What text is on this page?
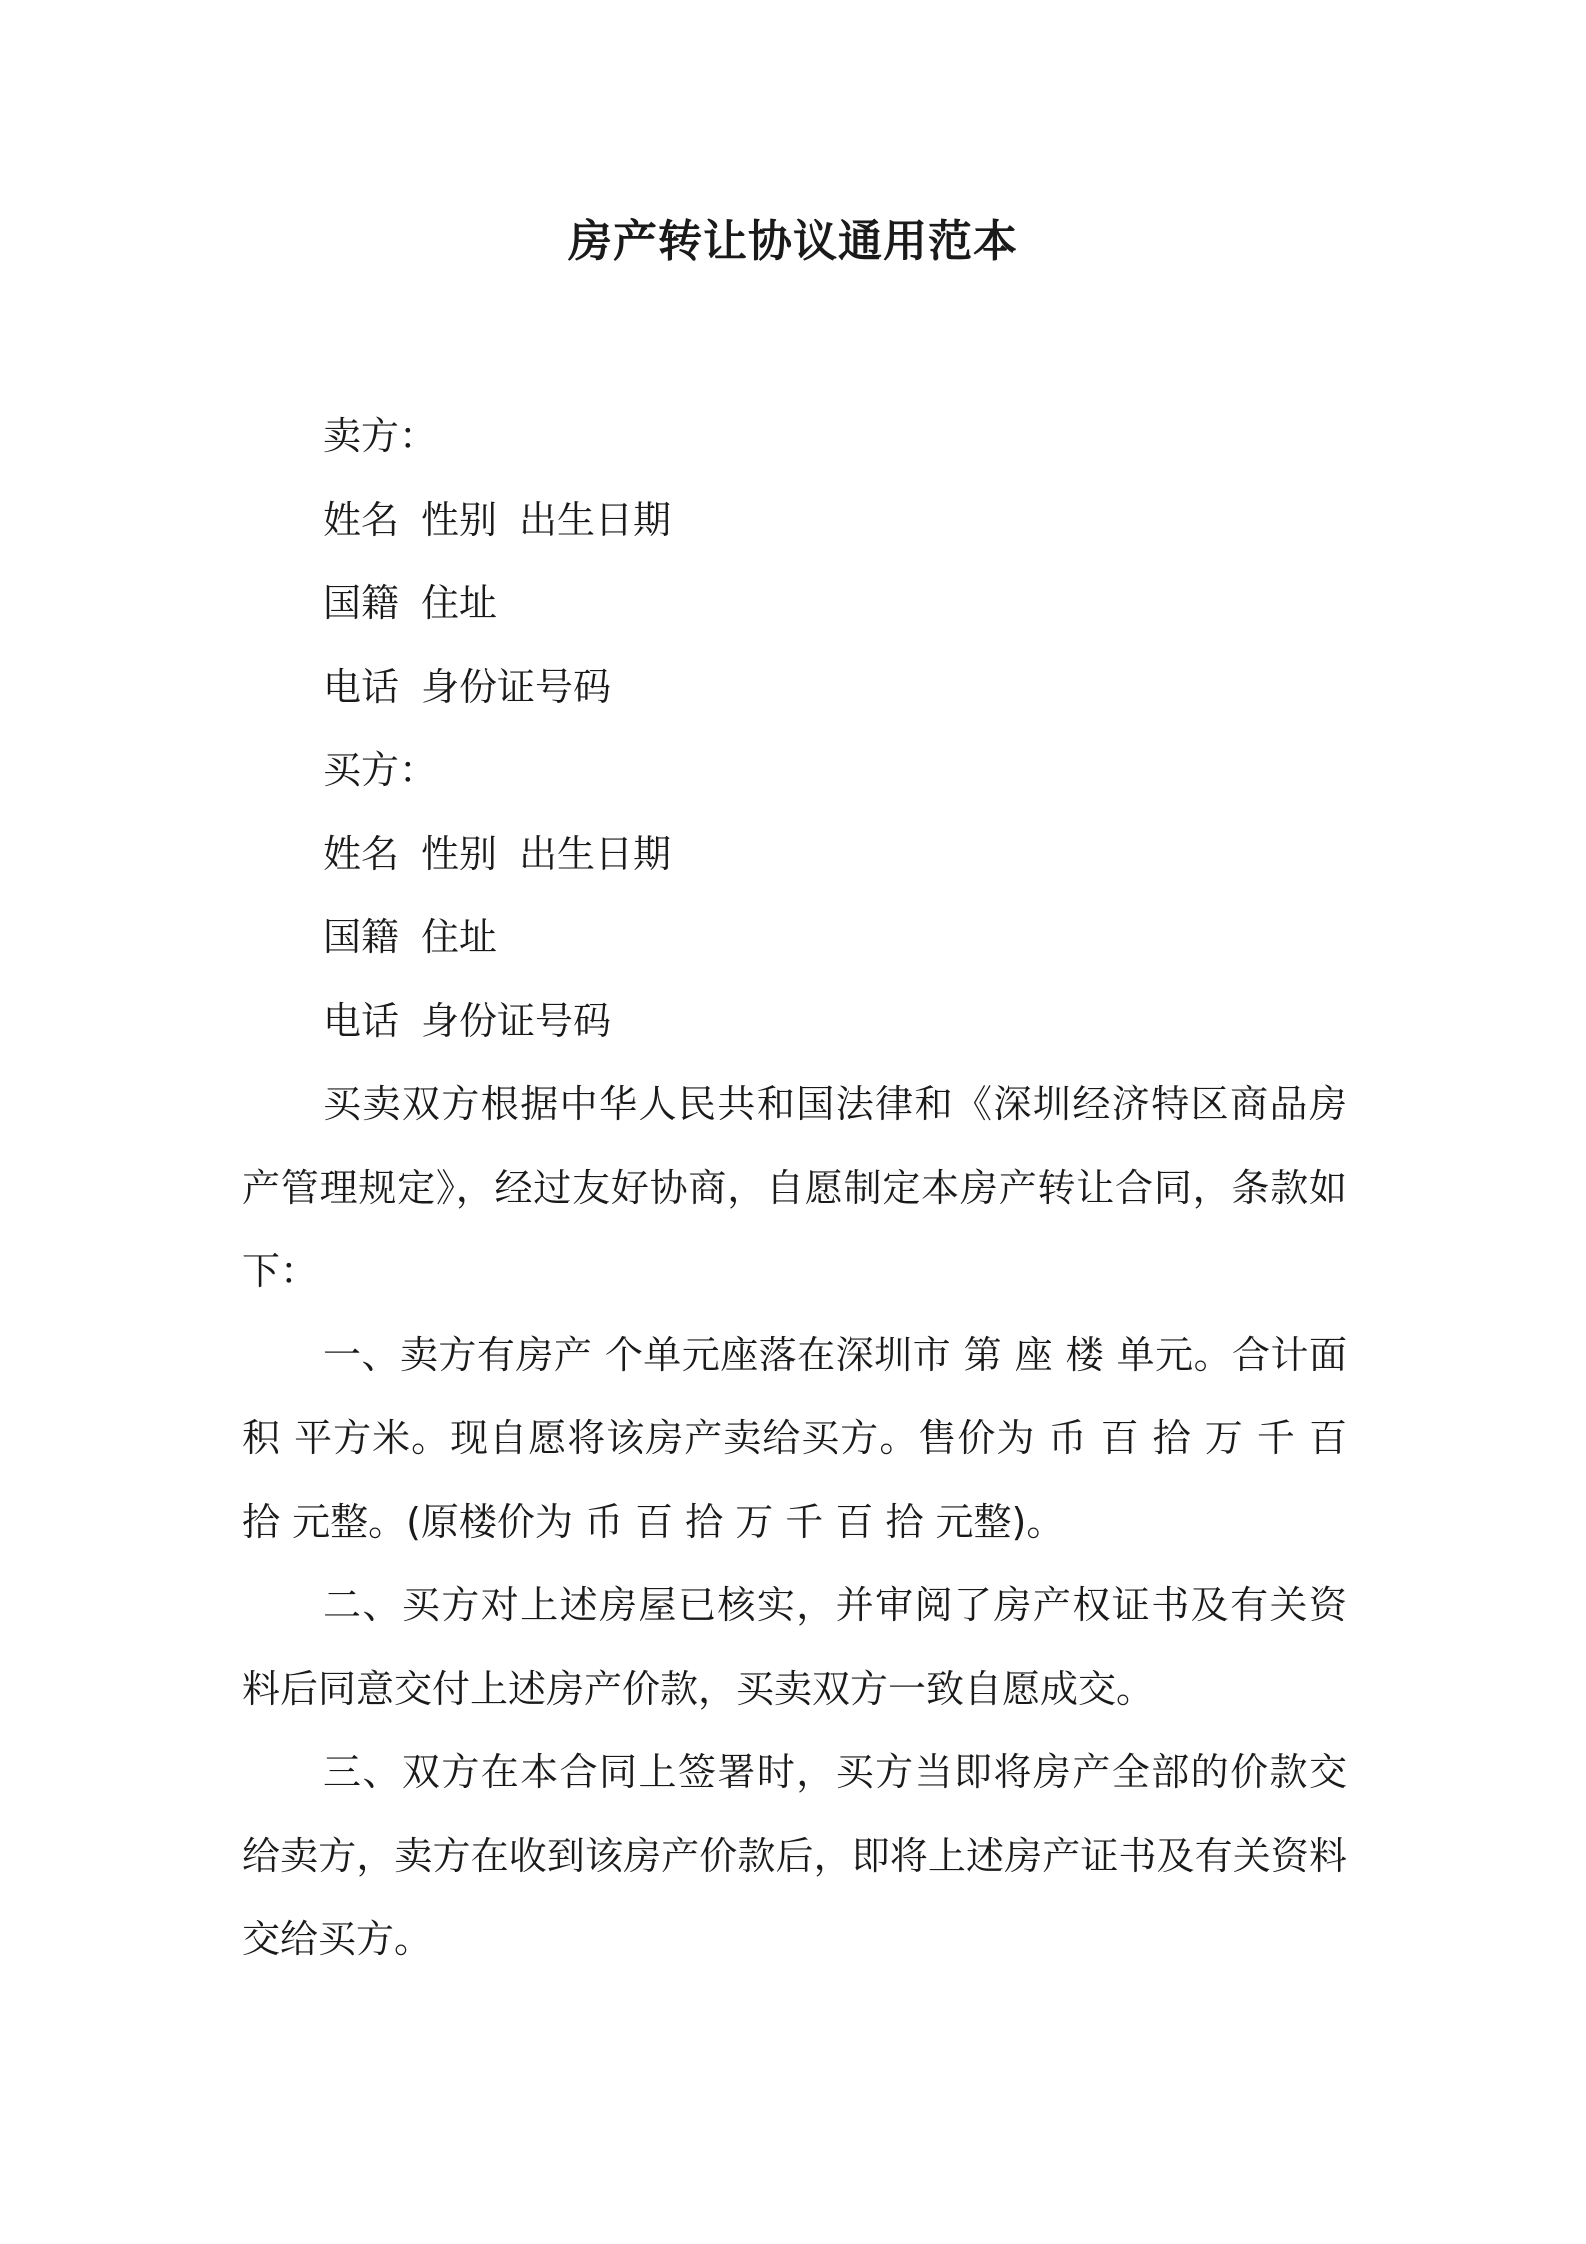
房产转让协议通用范本
卖方：
姓名 性别 出生日期
国籍 住址
电话 身份证号码
买方：
姓名 性别 出生日期
国籍 住址
电话 身份证号码

买卖双方根据中华人民共和国法律和《深圳经济特区商品房产管理规定》，经过友好协商，自愿制定本房产转让合同，条款如下：

一、卖方有房产 个单元座落在深圳市 第 座 楼 单元。合计面积 平方米。现自愿将该房产卖给买方。售价为 币 百 拾 万 千 百 拾 元整。(原楼价为 币 百 拾 万 千 百 拾 元整)。

二、买方对上述房屋已核实，并审阅了房产权证书及有关资料后同意交付上述房产价款，买卖双方一致自愿成交。

三、双方在本合同上签署时，买方当即将房产全部的价款交给卖方，卖方在收到该房产价款后，即将上述房产证书及有关资料交给买方。
